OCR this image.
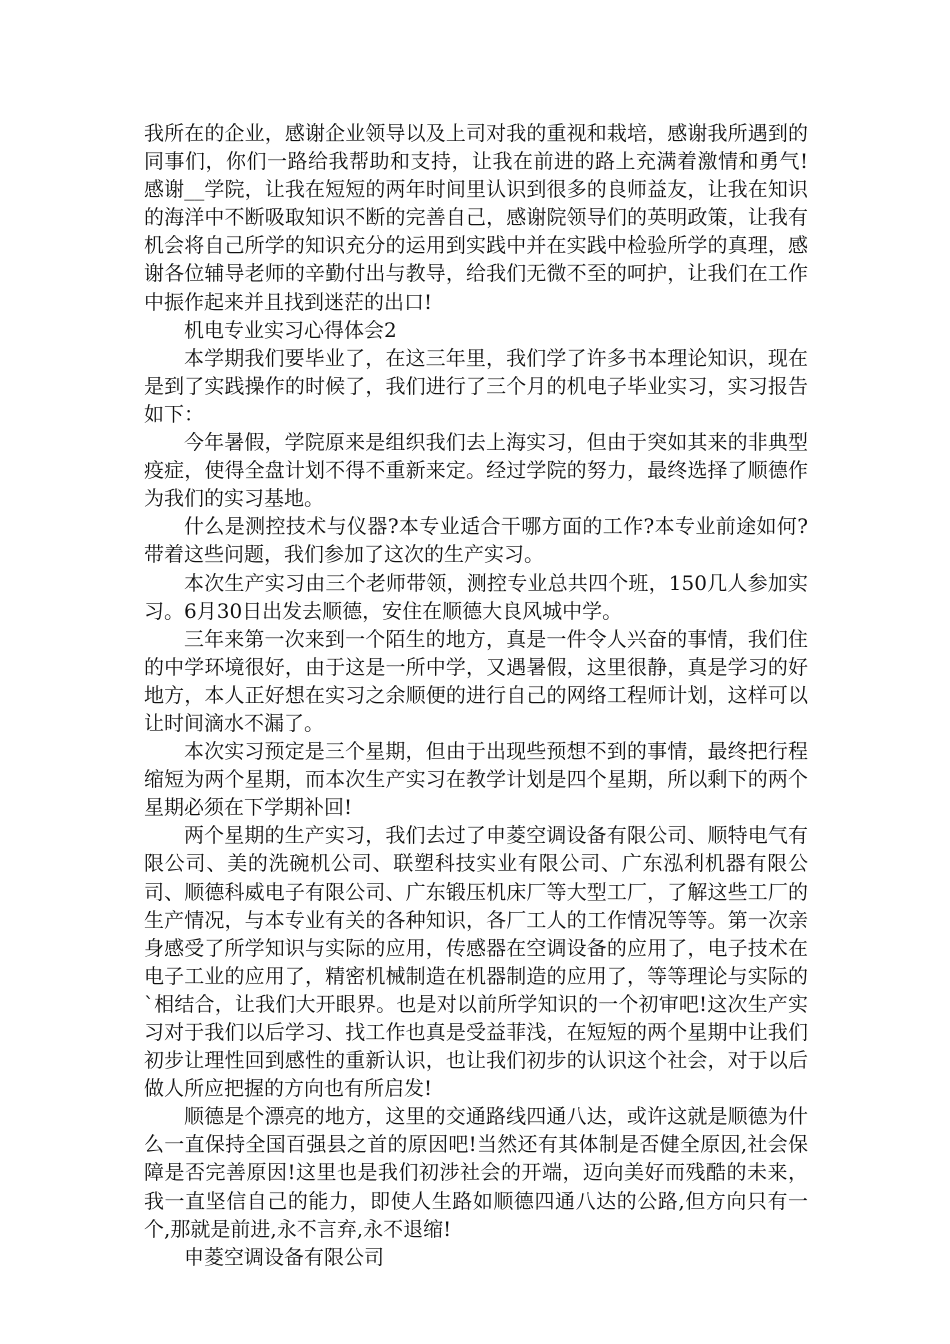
我所在的企业，感谢企业领导以及上司对我的重视和栽培，感谢我所遇到的同事们，你们一路给我帮助和支持，让我在前进的路上充满着激情和勇气!感谢__学院，让我在短短的两年时间里认识到很多的良师益友，让我在知识的海洋中不断吸取知识不断的完善自己，感谢院领导们的英明政策，让我有机会将自己所学的知识充分的运用到实践中并在实践中检验所学的真理，感谢各位辅导老师的辛勤付出与教导，给我们无微不至的呵护，让我们在工作中振作起来并且找到迷茫的出口!

机电专业实习心得体会2

本学期我们要毕业了，在这三年里，我们学了许多书本理论知识，现在是到了实践操作的时候了，我们进行了三个月的机电子毕业实习，实习报告如下：

今年暑假，学院原来是组织我们去上海实习，但由于突如其来的非典型疫症，使得全盘计划不得不重新来定。经过学院的努力，最终选择了顺德作为我们的实习基地。

什么是测控技术与仪器?本专业适合干哪方面的工作?本专业前途如何?带着这些问题，我们参加了这次的生产实习。

本次生产实习由三个老师带领，测控专业总共四个班，150几人参加实习。6月30日出发去顺德，安住在顺德大良风城中学。

三年来第一次来到一个陌生的地方，真是一件令人兴奋的事情，我们住的中学环境很好，由于这是一所中学，又遇暑假，这里很静，真是学习的好地方，本人正好想在实习之余顺便的进行自己的网络工程师计划，这样可以让时间滴水不漏了。

本次实习预定是三个星期，但由于出现些预想不到的事情，最终把行程缩短为两个星期，而本次生产实习在教学计划是四个星期，所以剩下的两个星期必须在下学期补回!

两个星期的生产实习，我们去过了申菱空调设备有限公司、顺特电气有限公司、美的洗碗机公司、联塑科技实业有限公司、广东泓利机器有限公司、顺德科威电子有限公司、广东锻压机床厂等大型工厂，了解这些工厂的生产情况，与本专业有关的各种知识，各厂工人的工作情况等等。第一次亲身感受了所学知识与实际的应用，传感器在空调设备的应用了，电子技术在电子工业的应用了，精密机械制造在机器制造的应用了，等等理论与实际的`相结合，让我们大开眼界。也是对以前所学知识的一个初审吧!这次生产实习对于我们以后学习、找工作也真是受益菲浅，在短短的两个星期中让我们初步让理性回到感性的重新认识，也让我们初步的认识这个社会，对于以后做人所应把握的方向也有所启发!

顺德是个漂亮的地方，这里的交通路线四通八达，或许这就是顺德为什么一直保持全国百强县之首的原因吧!当然还有其体制是否健全原因,社会保障是否完善原因!这里也是我们初涉社会的开端，迈向美好而残酷的未来，我一直坚信自己的能力，即使人生路如顺德四通八达的公路,但方向只有一个,那就是前进,永不言弃,永不退缩!

申菱空调设备有限公司
